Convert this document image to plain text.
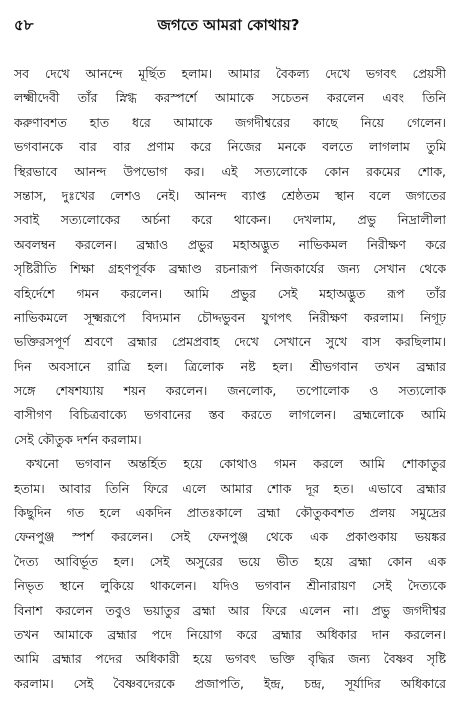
৫৮	জগতে আমরা কোথায়?
সব দেখে আনন্দে মূর্ছিত হলাম। আমার বৈকল্য দেখে ভগবৎ প্রেয়সী
লক্ষ্মীদেবী তাঁর স্নিগ্ধ করস্পর্শে আমাকে সচেতন করলেন এবং তিনি
করুণাবশত হাত ধরে আমাকে জগদীশ্বরের কাছে নিয়ে গেলেন।
ভগবানকে বার বার প্রণাম করে নিজের মনকে বলতে লাগলাম তুমি
স্থিরভাবে আনন্দ উপভোগ কর। এই সত্যলোকে কোন রকমের শোক,
সন্তাস, দুঃখের লেশও নেই। আনন্দ ব্যাপ্ত শ্রেষ্ঠতম স্থান বলে জগতের
সবাই সত্যলোকের অর্চনা করে থাকেন। দেখলাম, প্রভু নিদ্রালীলা
অবলম্বন করলেন। ব্রহ্মাও প্রভুর মহাঅদ্ভুত নাভিকমল নিরীক্ষণ করে
সৃষ্টিরীতি শিক্ষা গ্রহণপূর্বক ব্রহ্মাণ্ড রচনারূপ নিজকার্যের জন্য সেখান থেকে
বহির্দেশে গমন করলেন। আমি প্রভুর সেই মহাঅদ্ভুত রূপ তাঁর
নাভিকমলে সূক্ষ্মরূপে বিদ্যমান চৌদ্দভুবন যুগপৎ নিরীক্ষণ করলাম। নিগূঢ়
ভক্তিরসপূর্ণ শ্রবণে ব্রহ্মার প্রেমপ্রবাহ দেখে সেখানে সুখে বাস করছিলাম।
দিন অবসানে রাত্রি হল। ত্রিলোক নষ্ট হল। শ্রীভগবান তখন ব্রহ্মার
সঙ্গে শেষশয্যায় শয়ন করলেন। জনলোক, তপোলোক ও সত্যলোক
বাসীগণ বিচিত্রবাক্যে ভগবানের স্তব করতে লাগলেন। ব্রহ্মলোকে আমি
সেই কৌতুক দর্শন করলাম।
কখনো ভগবান অন্তর্হিত হয়ে কোথাও গমন করলে আমি শোকাতুর
হতাম। আবার তিনি ফিরে এলে আমার শোক দূর হত। এভাবে ব্রহ্মার
কিছুদিন গত হলে একদিন প্রাতঃকালে ব্রহ্মা কৌতুকবশত প্রলয় সমুদ্রের
ফেনপুঞ্জ স্পর্শ করলেন। সেই ফেনপুঞ্জ থেকে এক প্রকাণ্ডকায় ভয়ঙ্কর
দৈত্য আবির্ভূত হল। সেই অসুরের ভয়ে ভীত হয়ে ব্রহ্মা কোন এক
নিভৃত স্থানে লুকিয়ে থাকলেন। যদিও ভগবান শ্রীনারায়ণ সেই দৈত্যকে
বিনাশ করলেন তবুও ভয়াতুর ব্রহ্মা আর ফিরে এলেন না। প্রভু জগদীশ্বর
তখন আমাকে ব্রহ্মার পদে নিয়োগ করে ব্রহ্মার অধিকার দান করলেন।
আমি ব্রহ্মার পদের অধিকারী হয়ে ভগবৎ ভক্তি বৃদ্ধির জন্য বৈষ্ণব সৃষ্টি
করলাম। সেই বৈষ্ণবদেরকে প্রজাপতি, ইন্দ্র, চন্দ্র, সূর্যাদির অধিকারে
